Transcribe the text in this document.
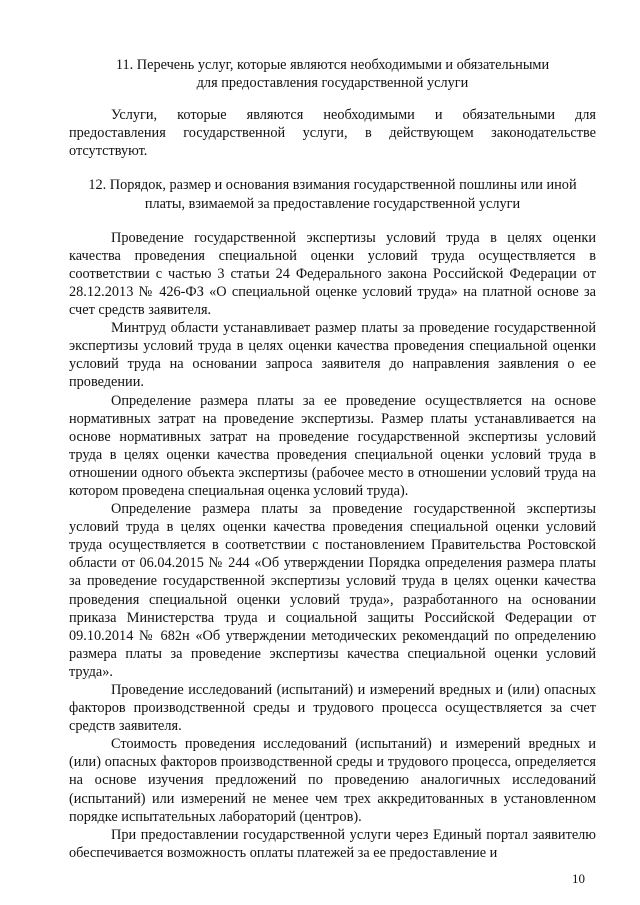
11. Перечень услуг, которые являются необходимыми и обязательными для предоставления государственной услуги

Услуги, которые являются необходимыми и обязательными для предоставления государственной услуги, в действующем законодательстве отсутствуют.

12. Порядок, размер и основания взимания государственной пошлины или иной платы, взимаемой за предоставление государственной услуги

Проведение государственной экспертизы условий труда в целях оценки качества проведения специальной оценки условий труда осуществляется в соответствии с частью 3 статьи 24 Федерального закона Российской Федерации от 28.12.2013 № 426-ФЗ «О специальной оценке условий труда» на платной основе за счет средств заявителя.

Минтруд области устанавливает размер платы за проведение государственной экспертизы условий труда в целях оценки качества проведения специальной оценки условий труда на основании запроса заявителя до направления заявления о ее проведении.

Определение размера платы за ее проведение осуществляется на основе нормативных затрат на проведение экспертизы. Размер платы устанавливается на основе нормативных затрат на проведение государственной экспертизы условий труда в целях оценки качества проведения специальной оценки условий труда в отношении одного объекта экспертизы (рабочее место в отношении условий труда на котором проведена специальная оценка условий труда).

Определение размера платы за проведение государственной экспертизы условий труда в целях оценки качества проведения специальной оценки условий труда осуществляется в соответствии с постановлением Правительства Ростовской области от 06.04.2015 № 244 «Об утверждении Порядка определения размера платы за проведение государственной экспертизы условий труда в целях оценки качества проведения специальной оценки условий труда», разработанного на основании приказа Министерства труда и социальной защиты Российской Федерации от 09.10.2014 № 682н «Об утверждении методических рекомендаций по определению размера платы за проведение экспертизы качества специальной оценки условий труда».

Проведение исследований (испытаний) и измерений вредных и (или) опасных факторов производственной среды и трудового процесса осуществляется за счет средств заявителя.

Стоимость проведения исследований (испытаний) и измерений вредных и (или) опасных факторов производственной среды и трудового процесса, определяется на основе изучения предложений по проведению аналогичных исследований (испытаний) или измерений не менее чем трех аккредитованных в установленном порядке испытательных лабораторий (центров).

При предоставлении государственной услуги через Единый портал заявителю обеспечивается возможность оплаты платежей за ее предоставление и

10
